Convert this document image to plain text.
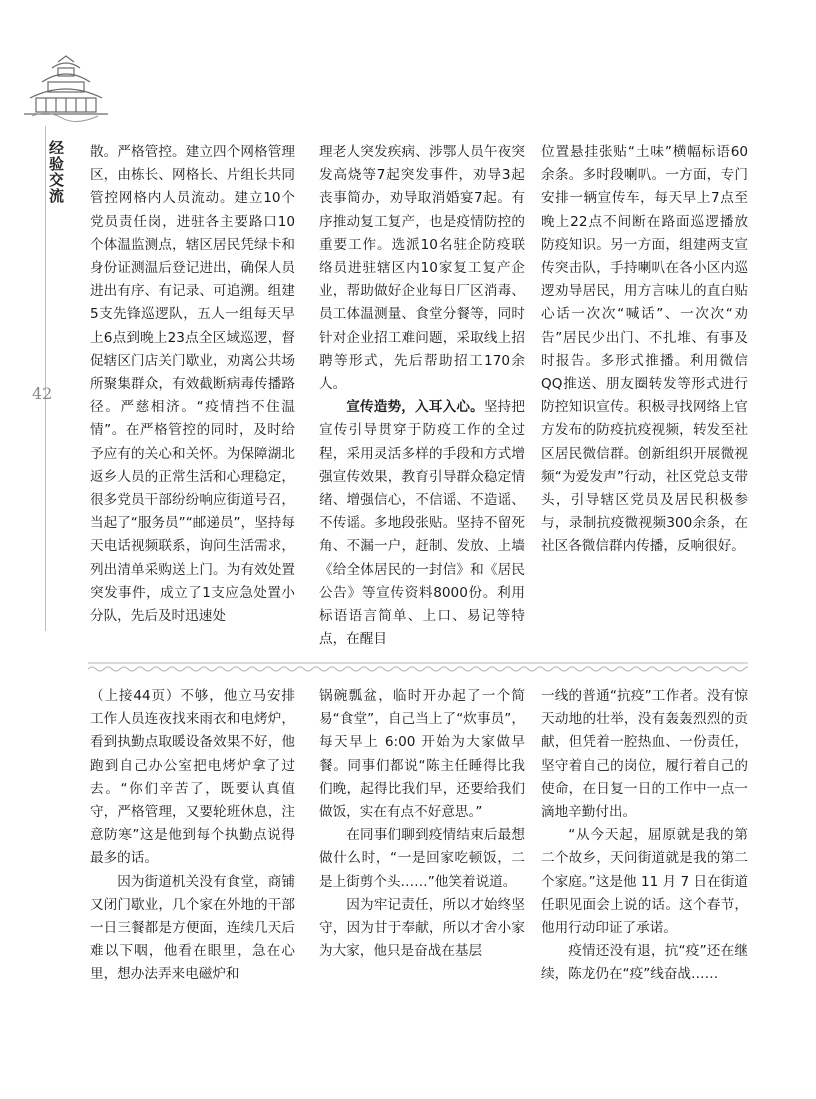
经验交流
42

散。严格管控。建立四个网格管理区，由栋长、网格长、片组长共同管控网格内人员流动。建立10个党员责任岗，进驻各主要路口10个体温监测点，辖区居民凭绿卡和身份证测温后登记进出，确保人员进出有序、有记录、可追溯。组建5支先锋巡逻队，五人一组每天早上6点到晚上23点全区域巡逻，督促辖区门店关门歇业，劝离公共场所聚集群众，有效截断病毒传播路径。严慈相济。“疫情挡不住温情”。在严格管控的同时，及时给予应有的关心和关怀。为保障湖北返乡人员的正常生活和心理稳定，很多党员干部纷纷响应街道号召，当起了“服务员”“邮递员”，坚持每天电话视频联系，询问生活需求，列出清单采购送上门。为有效处置突发事件，成立了1支应急处置小分队，先后及时迅速处

理老人突发疾病、涉鄂人员午夜突发高烧等7起突发事件，劝导3起丧事简办，劝导取消婚宴7起。有序推动复工复产，也是疫情防控的重要工作。选派10名驻企防疫联络员进驻辖区内10家复工复产企业，帮助做好企业每日厂区消毒、员工体温测量、食堂分餐等，同时针对企业招工难问题，采取线上招聘等形式，先后帮助招工170余人。

宣传造势，入耳入心。坚持把宣传引导贯穿于防疫工作的全过程，采用灵活多样的手段和方式增强宣传效果，教育引导群众稳定情绪、增强信心，不信谣、不造谣、不传谣。多地段张贴。坚持不留死角、不漏一户，赶制、发放、上墙《给全体居民的一封信》和《居民公告》等宣传资料8000份。利用标语语言简单、上口、易记等特点，在醒目

位置悬挂张贴“土味”横幅标语60余条。多时段喇叭。一方面，专门安排一辆宣传车，每天早上7点至晚上22点不间断在路面巡逻播放防疫知识。另一方面，组建两支宣传突击队，手持喇叭在各小区内巡逻劝导居民，用方言味儿的直白贴心话一次次“喊话”、一次次“劝告”居民少出门、不扎堆、有事及时报告。多形式推播。利用微信QQ推送、朋友圈转发等形式进行防控知识宣传。积极寻找网络上官方发布的防疫抗疫视频，转发至社区居民微信群。创新组织开展微视频“为爱发声”行动，社区党总支带头，引导辖区党员及居民积极参与，录制抗疫微视频300余条，在社区各微信群内传播，反响很好。

（上接44页）不够，他立马安排工作人员连夜找来雨衣和电烤炉，看到执勤点取暖设备效果不好，他跑到自己办公室把电烤炉拿了过去。“你们辛苦了，既要认真值守，严格管理，又要轮班休息，注意防寒”这是他到每个执勤点说得最多的话。

因为街道机关没有食堂，商铺又闭门歇业，几个家在外地的干部一日三餐都是方便面，连续几天后难以下咽，他看在眼里，急在心里，想办法弄来电磁炉和

锅碗瓢盆，临时开办起了一个简易“食堂”，自己当上了“炊事员”，每天早上 6:00 开始为大家做早餐。同事们都说“陈主任睡得比我们晚，起得比我们早，还要给我们做饭，实在有点不好意思。”

在同事们聊到疫情结束后最想做什么时，“一是回家吃顿饭，二是上街剪个头……”他笑着说道。

因为牢记责任，所以才始终坚守，因为甘于奉献，所以才舍小家为大家，他只是奋战在基层

一线的普通“抗疫”工作者。没有惊天动地的壮举，没有轰轰烈烈的贡献，但凭着一腔热血、一份责任，坚守着自己的岗位，履行着自己的使命，在日复一日的工作中一点一滴地辛勤付出。

“从今天起，屈原就是我的第二个故乡，天问街道就是我的第二个家庭。”这是他 11 月 7 日在街道任职见面会上说的话。这个春节，他用行动印证了承诺。

疫情还没有退，抗“疫”还在继续，陈龙仍在“疫”线奋战……
